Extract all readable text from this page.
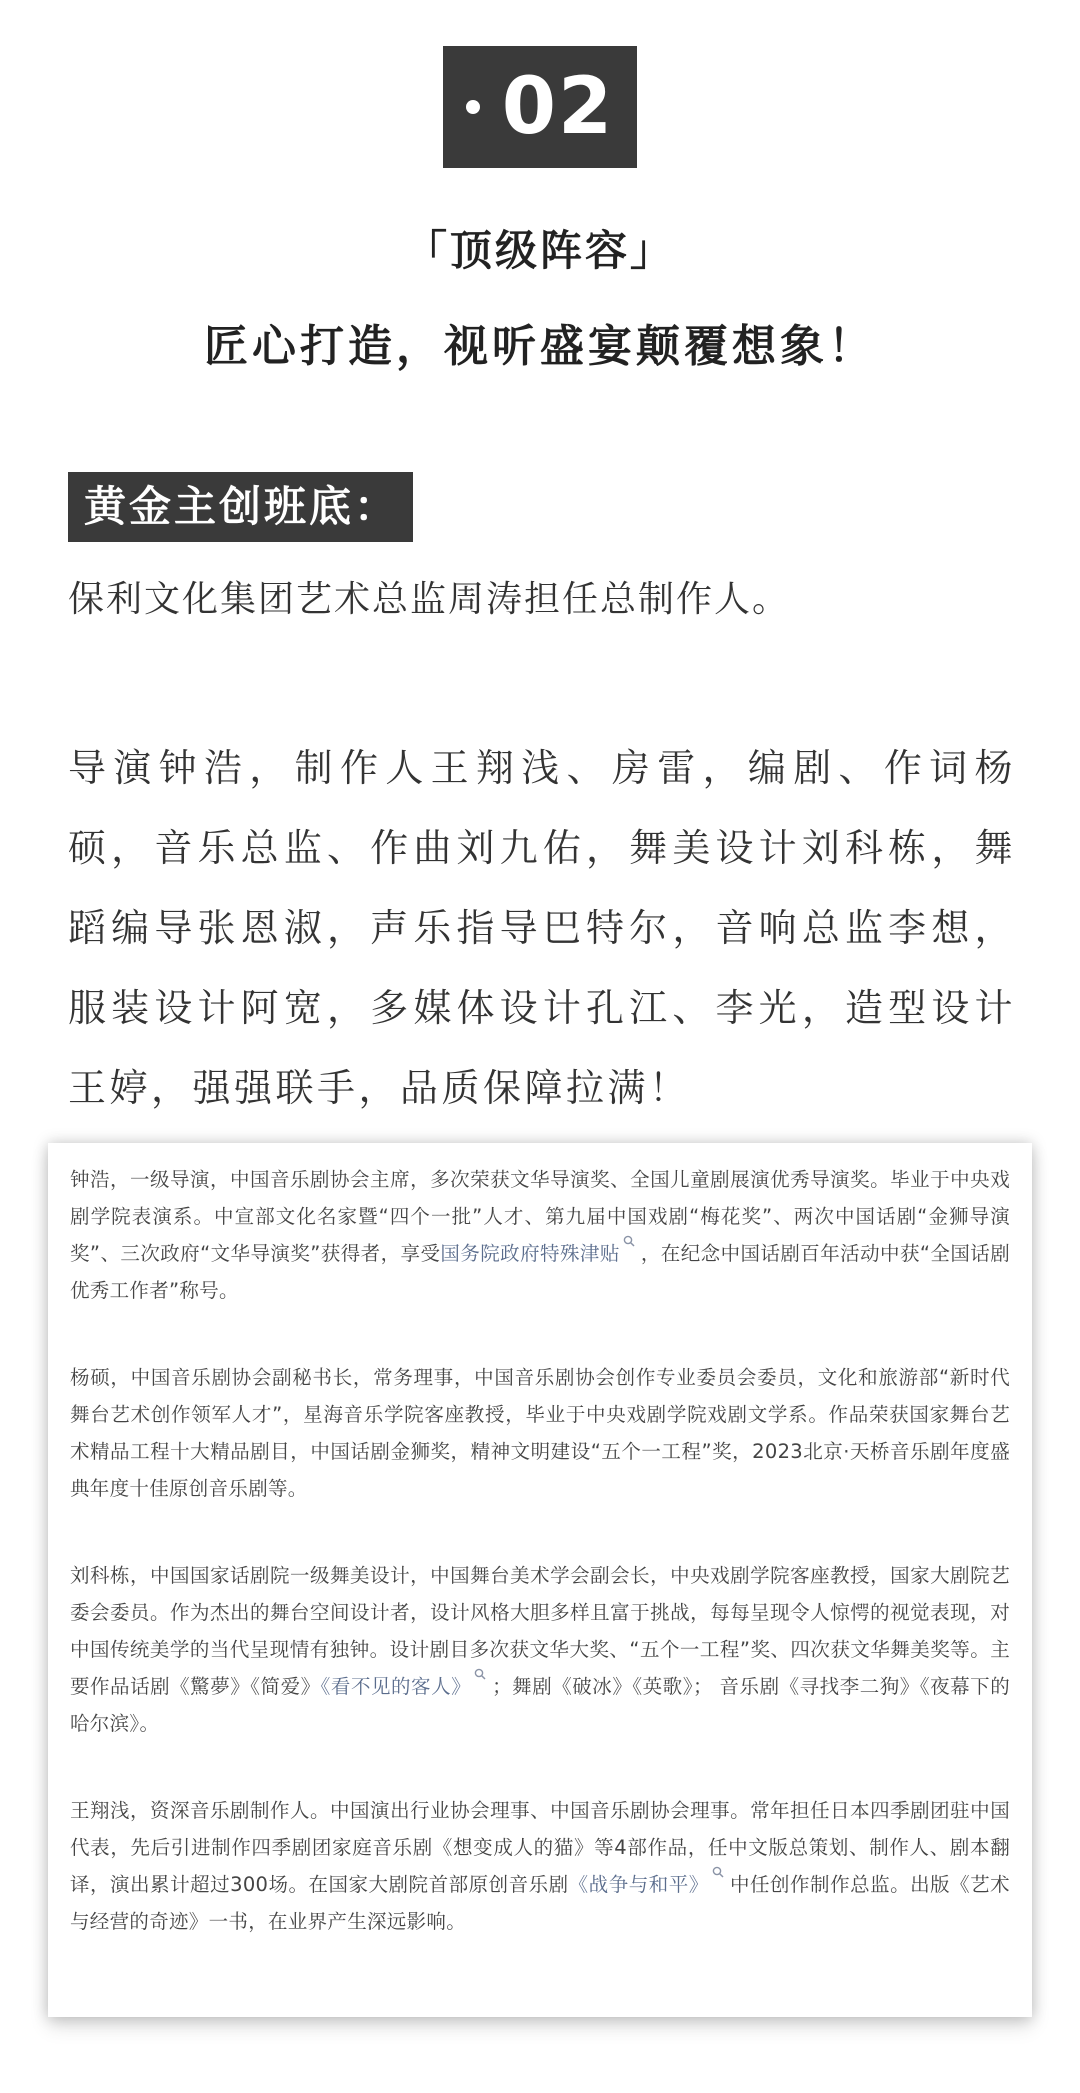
02
「顶级阵容」
匠心打造，视听盛宴颠覆想象！
黄金主创班底：
保利文化集团艺术总监周涛担任总制作人。
导演钟浩，制作人王翔浅、房雷，编剧、作词杨硕，音乐总监、作曲刘九佑，舞美设计刘科栋，舞蹈编导张恩淑，声乐指导巴特尔，音响总监李想，服装设计阿宽，多媒体设计孔江、李光，造型设计王婷，强强联手，品质保障拉满！

钟浩，一级导演，中国音乐剧协会主席，多次荣获文华导演奖、全国儿童剧展演优秀导演奖。毕业于中央戏剧学院表演系。中宣部文化名家暨“四个一批”人才、第九届中国戏剧“梅花奖”、两次中国话剧“金狮导演奖”、三次政府“文华导演奖”获得者，享受国务院政府特殊津贴 ，在纪念中国话剧百年活动中获“全国话剧优秀工作者”称号。

杨硕，中国音乐剧协会副秘书长，常务理事，中国音乐剧协会创作专业委员会委员，文化和旅游部“新时代舞台艺术创作领军人才”，星海音乐学院客座教授，毕业于中央戏剧学院戏剧文学系。作品荣获国家舞台艺术精品工程十大精品剧目，中国话剧金狮奖，精神文明建设“五个一工程”奖，2023北京·天桥音乐剧年度盛典年度十佳原创音乐剧等。

刘科栋，中国国家话剧院一级舞美设计，中国舞台美术学会副会长，中央戏剧学院客座教授，国家大剧院艺委会委员。作为杰出的舞台空间设计者，设计风格大胆多样且富于挑战，每每呈现令人惊愕的视觉表现，对中国传统美学的当代呈现情有独钟。设计剧目多次获文华大奖、“五个一工程”奖、四次获文华舞美奖等。主要作品话剧《驚夢》《简爱》《看不见的客人》 ；舞剧《破冰》《英歌》； 音乐剧《寻找李二狗》《夜幕下的哈尔滨》。

王翔浅，资深音乐剧制作人。中国演出行业协会理事、中国音乐剧协会理事。常年担任日本四季剧团驻中国代表，先后引进制作四季剧团家庭音乐剧《想变成人的猫》等4部作品，任中文版总策划、制作人、剧本翻译，演出累计超过300场。在国家大剧院首部原创音乐剧《战争与和平》 中任创作制作总监。出版《艺术与经营的奇迹》一书，在业界产生深远影响。
